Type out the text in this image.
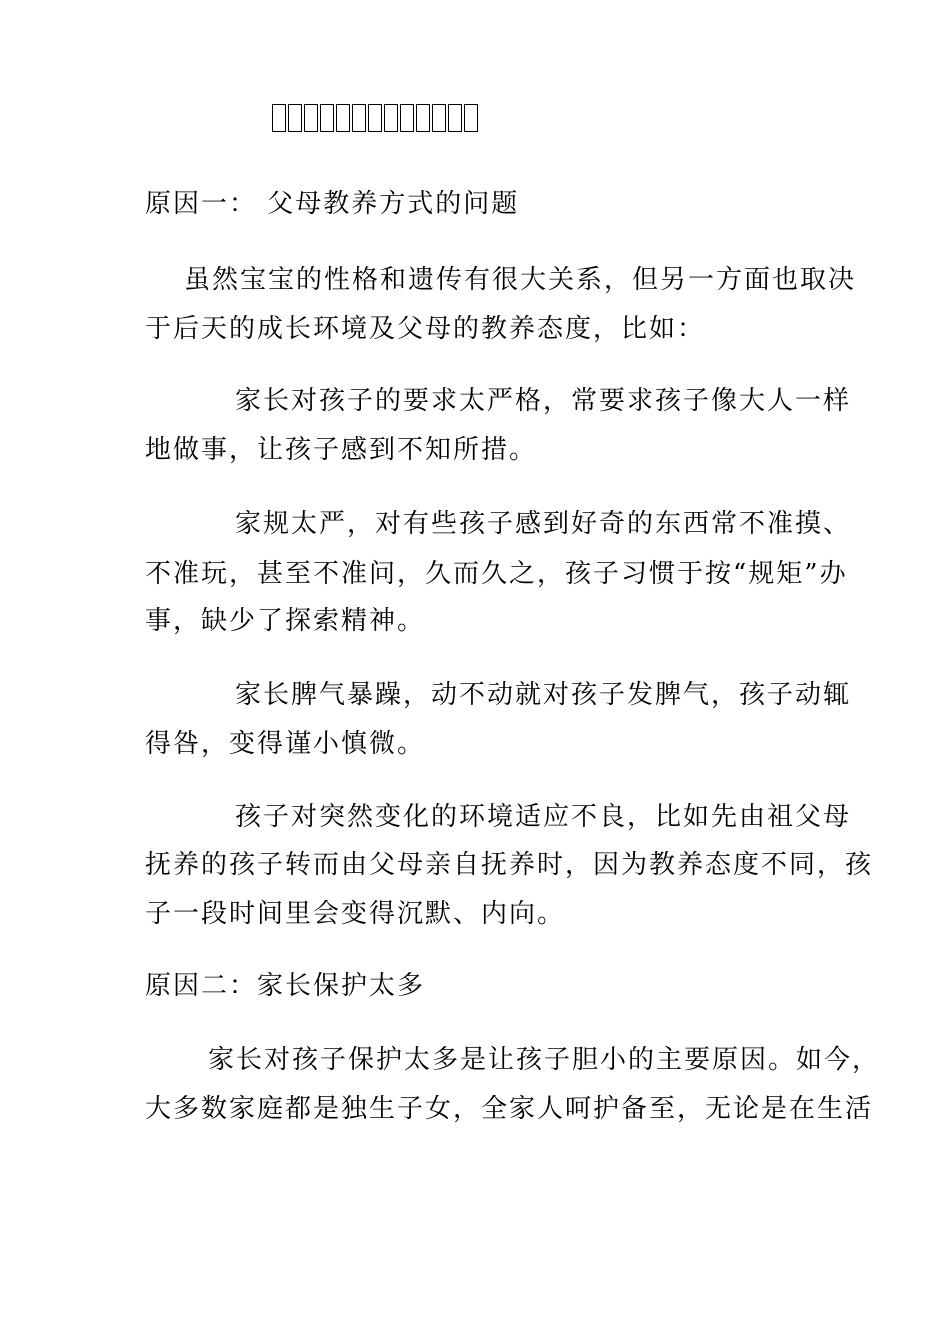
原因一： 父母教养方式的问题
虽然宝宝的性格和遗传有很大关系，但另一方面也取决
于后天的成长环境及父母的教养态度，比如：
家长对孩子的要求太严格，常要求孩子像大人一样
地做事，让孩子感到不知所措。
家规太严，对有些孩子感到好奇的东西常不准摸、
不准玩，甚至不准问，久而久之，孩子习惯于按“规矩”办
事，缺少了探索精神。
家长脾气暴躁，动不动就对孩子发脾气，孩子动辄
得咎，变得谨小慎微。
孩子对突然变化的环境适应不良，比如先由祖父母
抚养的孩子转而由父母亲自抚养时，因为教养态度不同，孩
子一段时间里会变得沉默、内向。
原因二：家长保护太多
家长对孩子保护太多是让孩子胆小的主要原因。如今，
大多数家庭都是独生子女，全家人呵护备至，无论是在生活
